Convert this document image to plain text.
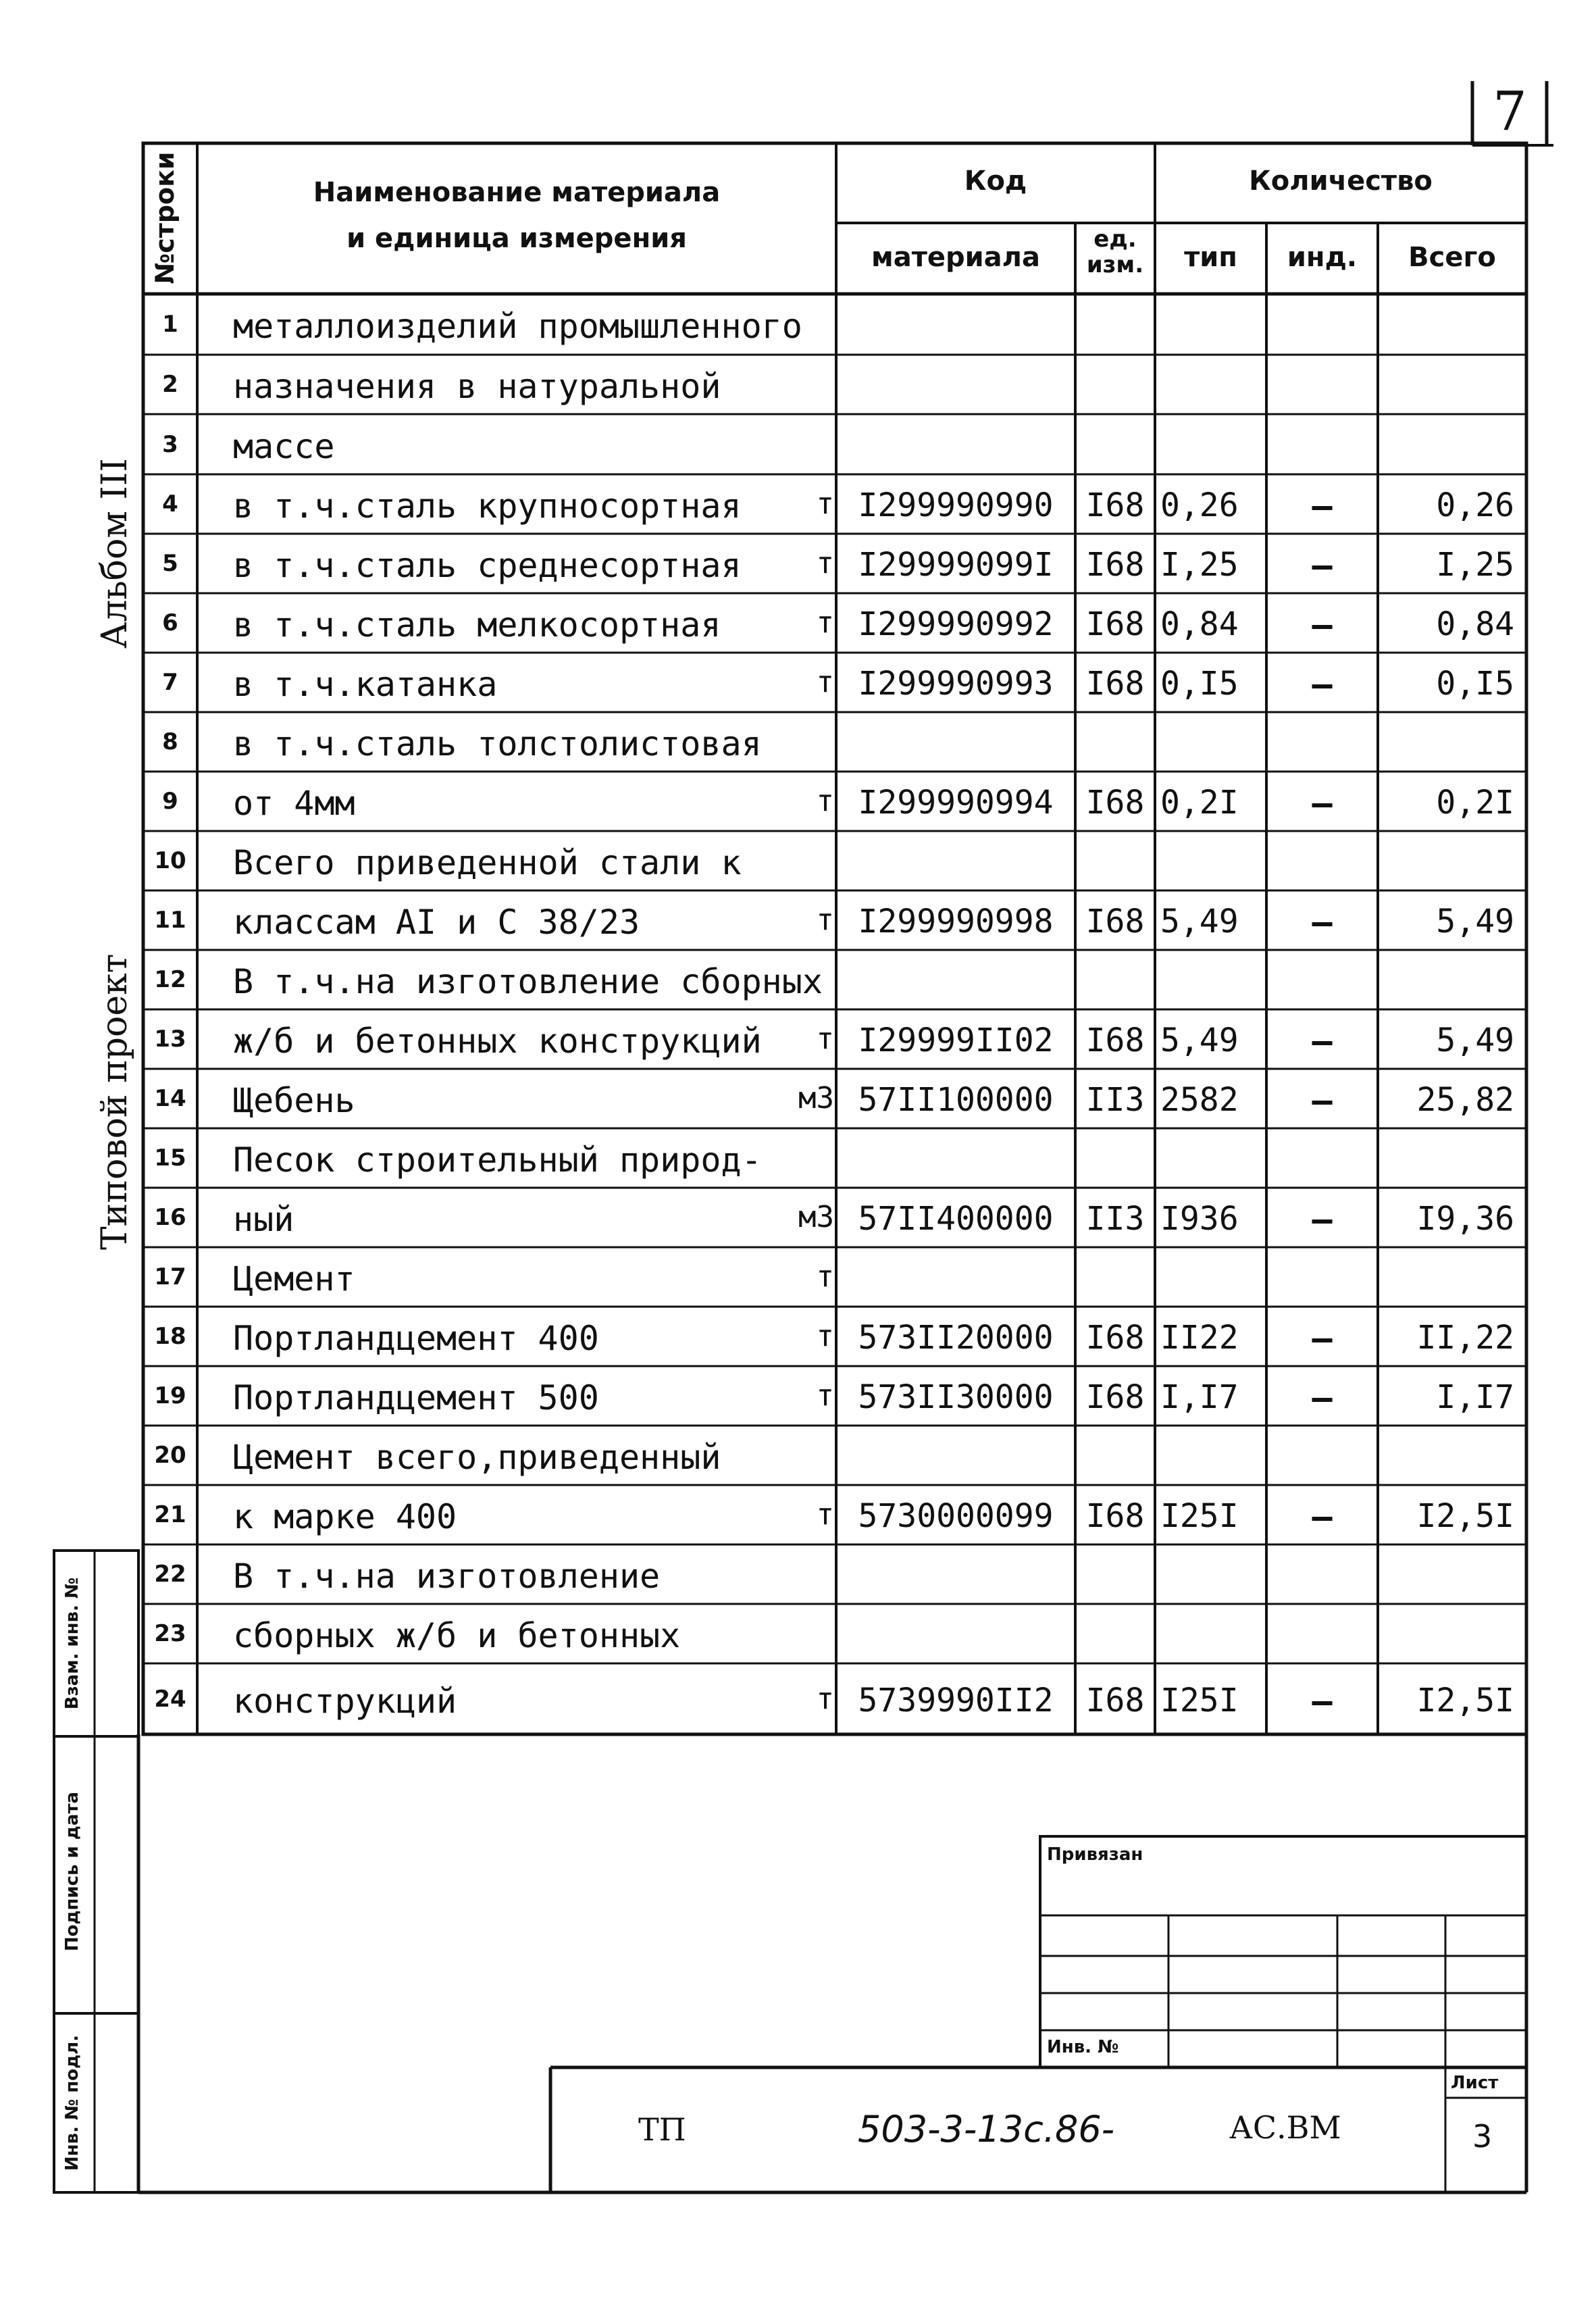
7
№строки	Наименование материала
и единица измерения
Код	Количество
материала
ед.
изм.	тип	инд.	Всего
1	металлоизделий промышленного
2	назначения в натуральной
3	массе
4	в т.ч.сталь крупносортная	т I299990990	I68 0,26	–	0,26
5	в т.ч.сталь среднесортная	т I29999099I	I68 I,25	–	I,25
6	в т.ч.сталь мелкосортная	т I299990992	I68 0,84	–	0,84
7	в т.ч.катанка	т I299990993	I68 0,I5	–	0,I5
8	в т.ч.сталь толстолистовая
9	от 4мм	т I299990994	I68 0,2I	–	0,2I
10	Всего приведенной стали к
11	классам AI и С 38/23	т I299990998	I68 5,49	–	5,49
12	В т.ч.на изготовление сборных
13	ж/б и бетонных конструкций	т I29999II02	I68 5,49	–	5,49
14	Щебень	м3 57II100000	II3 2582	–	25,82
15	Песок строительный природ-
16	ный	м3 57II400000	II3 I936	–	I9,36
17	Цемент	т
18	Портландцемент 400	т 573II20000	I68 II22	–	II,22
19	Портландцемент 500	т 573II30000	I68 I,I7	–	I,I7
20	Цемент всего,приведенный
21	к марке 400	т 5730000099	I68 I25I	–	I2,5I
22	В т.ч.на изготовление
23	сборных ж/б и бетонных
24	конструкций	т 5739990II2	I68 I25I	–	I2,5I
Альбом III
Типовой проект
Инв. № подл.
Подпись и дата
Взам. инв. №
Привязан
Инв. №
ТП	503-3-13с.86-	АС.ВМ
Лист
3
